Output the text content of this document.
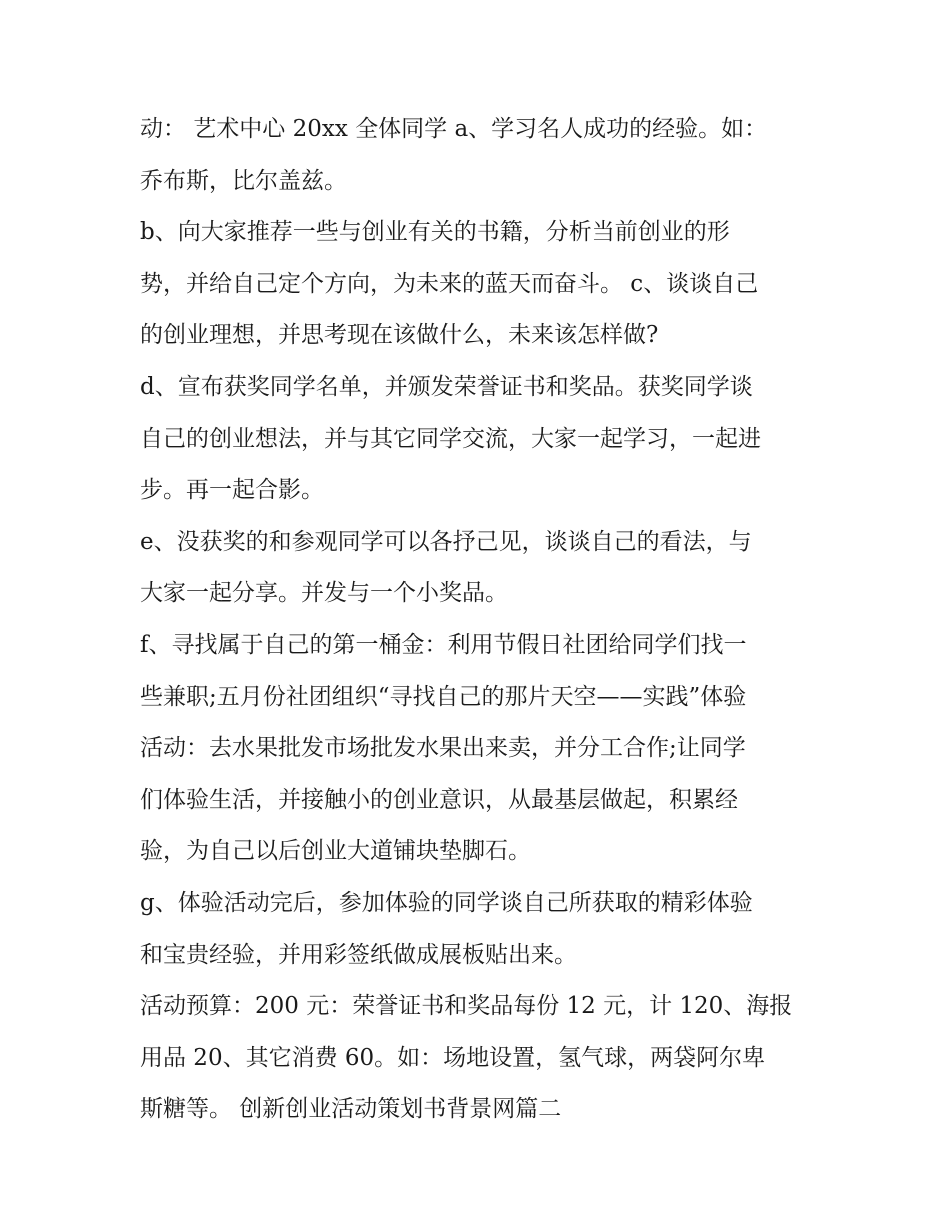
动： 艺术中心 20xx 全体同学 a、学习名人成功的经验。如：
乔布斯，比尔盖兹。
b、向大家推荐一些与创业有关的书籍，分析当前创业的形
势，并给自己定个方向，为未来的蓝天而奋斗。 c、谈谈自己
的创业理想，并思考现在该做什么，未来该怎样做?
d、宣布获奖同学名单，并颁发荣誉证书和奖品。获奖同学谈
自己的创业想法，并与其它同学交流，大家一起学习，一起进
步。再一起合影。
e、没获奖的和参观同学可以各抒己见，谈谈自己的看法，与
大家一起分享。并发与一个小奖品。
f、寻找属于自己的第一桶金：利用节假日社团给同学们找一
些兼职;五月份社团组织“寻找自己的那片天空——实践”体验
活动：去水果批发市场批发水果出来卖，并分工合作;让同学
们体验生活，并接触小的创业意识，从最基层做起，积累经
验，为自己以后创业大道铺块垫脚石。
g、体验活动完后，参加体验的同学谈自己所获取的精彩体验
和宝贵经验，并用彩签纸做成展板贴出来。
活动预算：200 元：荣誉证书和奖品每份 12 元，计 120、海报
用品 20、其它消费 60。如：场地设置，氢气球，两袋阿尔卑
斯糖等。 创新创业活动策划书背景网篇二
